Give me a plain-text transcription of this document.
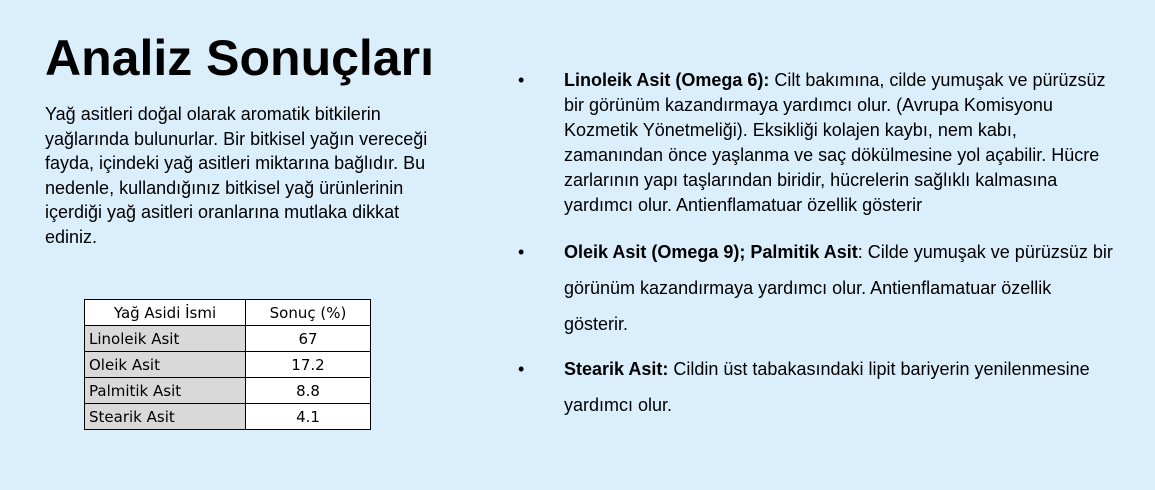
Analiz Sonuçları

Yağ asitleri doğal olarak aromatik bitkilerin yağlarında bulunurlar. Bir bitkisel yağın vereceği fayda, içindeki yağ asitleri miktarına bağlıdır. Bu nedenle, kullandığınız bitkisel yağ ürünlerinin içerdiği yağ asitleri oranlarına mutlaka dikkat ediniz.

Yağ Asidi İsmi	Sonuç (%)
Linoleik Asit	67
Oleik Asit	17.2
Palmitik Asit	8.8
Stearik Asit	4.1
• Linoleik Asit (Omega 6): Cilt bakımına, cilde yumuşak ve pürüzsüz bir görünüm kazandırmaya yardımcı olur. (Avrupa Komisyonu Kozmetik Yönetmeliği). Eksikliği kolajen kaybı, nem kabı, zamanından önce yaşlanma ve saç dökülmesine yol açabilir. Hücre zarlarının yapı taşlarından biridir, hücrelerin sağlıklı kalmasına yardımcı olur. Antienflamatuar özellik gösterir
• Oleik Asit (Omega 9); Palmitik Asit: Cilde yumuşak ve pürüzsüz bir görünüm kazandırmaya yardımcı olur. Antienflamatuar özellik gösterir.
• Stearik Asit: Cildin üst tabakasındaki lipit bariyerin yenilenmesine yardımcı olur.
